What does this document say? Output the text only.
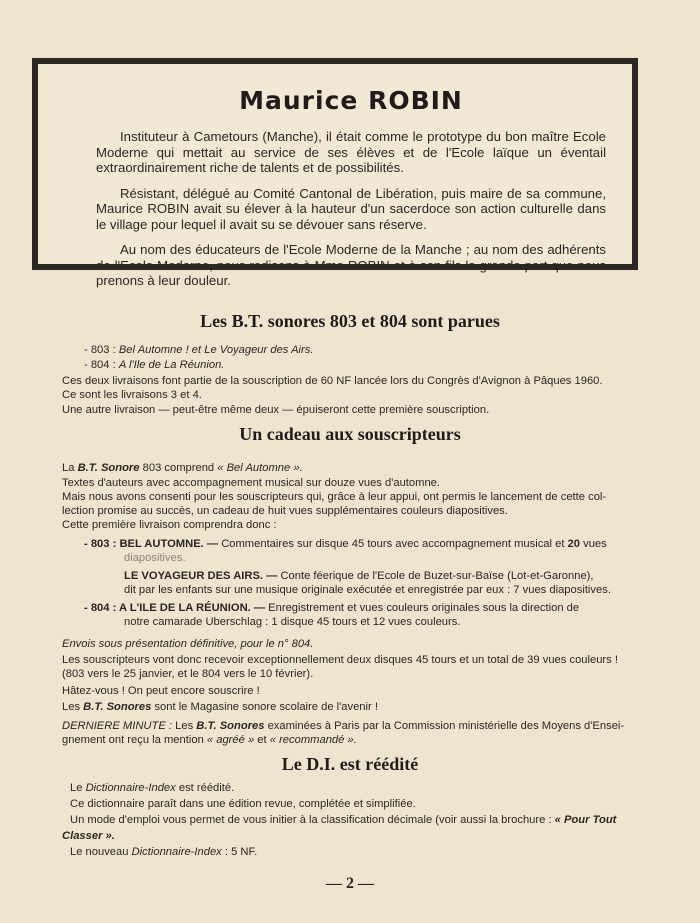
Maurice ROBIN

Instituteur à Cametours (Manche), il était comme le prototype du bon maître Ecole Moderne qui mettait au service de ses élèves et de l'Ecole laïque un éventail extraordinairement riche de talents et de possibilités.

Résistant, délégué au Comité Cantonal de Libération, puis maire de sa commune, Maurice ROBIN avait su élever à la hauteur d'un sacerdoce son action culturelle dans le village pour lequel il avait su se dévouer sans réserve.

Au nom des éducateurs de l'Ecole Moderne de la Manche ; au nom des adhérents de l'Ecole Moderne, nous redisons à Mme ROBIN et à son fils la grande part que nous prenons à leur douleur.

Les B.T. sonores 803 et 804 sont parues
- 803 : Bel Automne ! et Le Voyageur des Airs.
- 804 : A l'Ile de La Réunion.
Ces deux livraisons font partie de la souscription de 60 NF lancée lors du Congrès d'Avignon à Pâques 1960.
Ce sont les livraisons 3 et 4.
Une autre livraison — peut-être même deux — épuiseront cette première souscription.
Un cadeau aux souscripteurs
La B.T. Sonore 803 comprend « Bel Automne ».
Textes d'auteurs avec accompagnement musical sur douze vues d'automne.
Mais nous avons consenti pour les souscripteurs qui, grâce à leur appui, ont permis le lancement de cette col-
lection promise au succès, un cadeau de huit vues supplémentaires couleurs diapositives.
Cette première livraison comprendra donc :
- 803 : BEL AUTOMNE. — Commentaires sur disque 45 tours avec accompagnement musical et 20 vues
diapositives.
LE VOYAGEUR DES AIRS. — Conte féerique de l'Ecole de Buzet-sur-Baïse (Lot-et-Garonne),
dit par les enfants sur une musique originale exécutée et enregistrée par eux : 7 vues diapositives.
- 804 : A L'ILE DE LA RÉUNION. — Enregistrement et vues couleurs originales sous la direction de
notre camarade Uberschlag : 1 disque 45 tours et 12 vues couleurs.
Envois sous présentation définitive, pour le n° 804.
Les souscripteurs vont donc recevoir exceptionnellement deux disques 45 tours et un total de 39 vues couleurs !
(803 vers le 25 janvier, et le 804 vers le 10 février).
Hâtez-vous ! On peut encore souscrire !
Les B.T. Sonores sont le Magasine sonore scolaire de l'avenir !
DERNIERE MINUTE : Les B.T. Sonores examinées à Paris par la Commission ministérielle des Moyens d'Ensei-
gnement ont reçu la mention « agréé » et « recommandé ».
Le D.I. est réédité
Le Dictionnaire-Index est réédité.
Ce dictionnaire paraît dans une édition revue, complétée et simplifiée.
Un mode d'emploi vous permet de vous initier à la classification décimale (voir aussi la brochure : « Pour Tout
Classer ».
Le nouveau Dictionnaire-Index : 5 NF.
— 2 —
